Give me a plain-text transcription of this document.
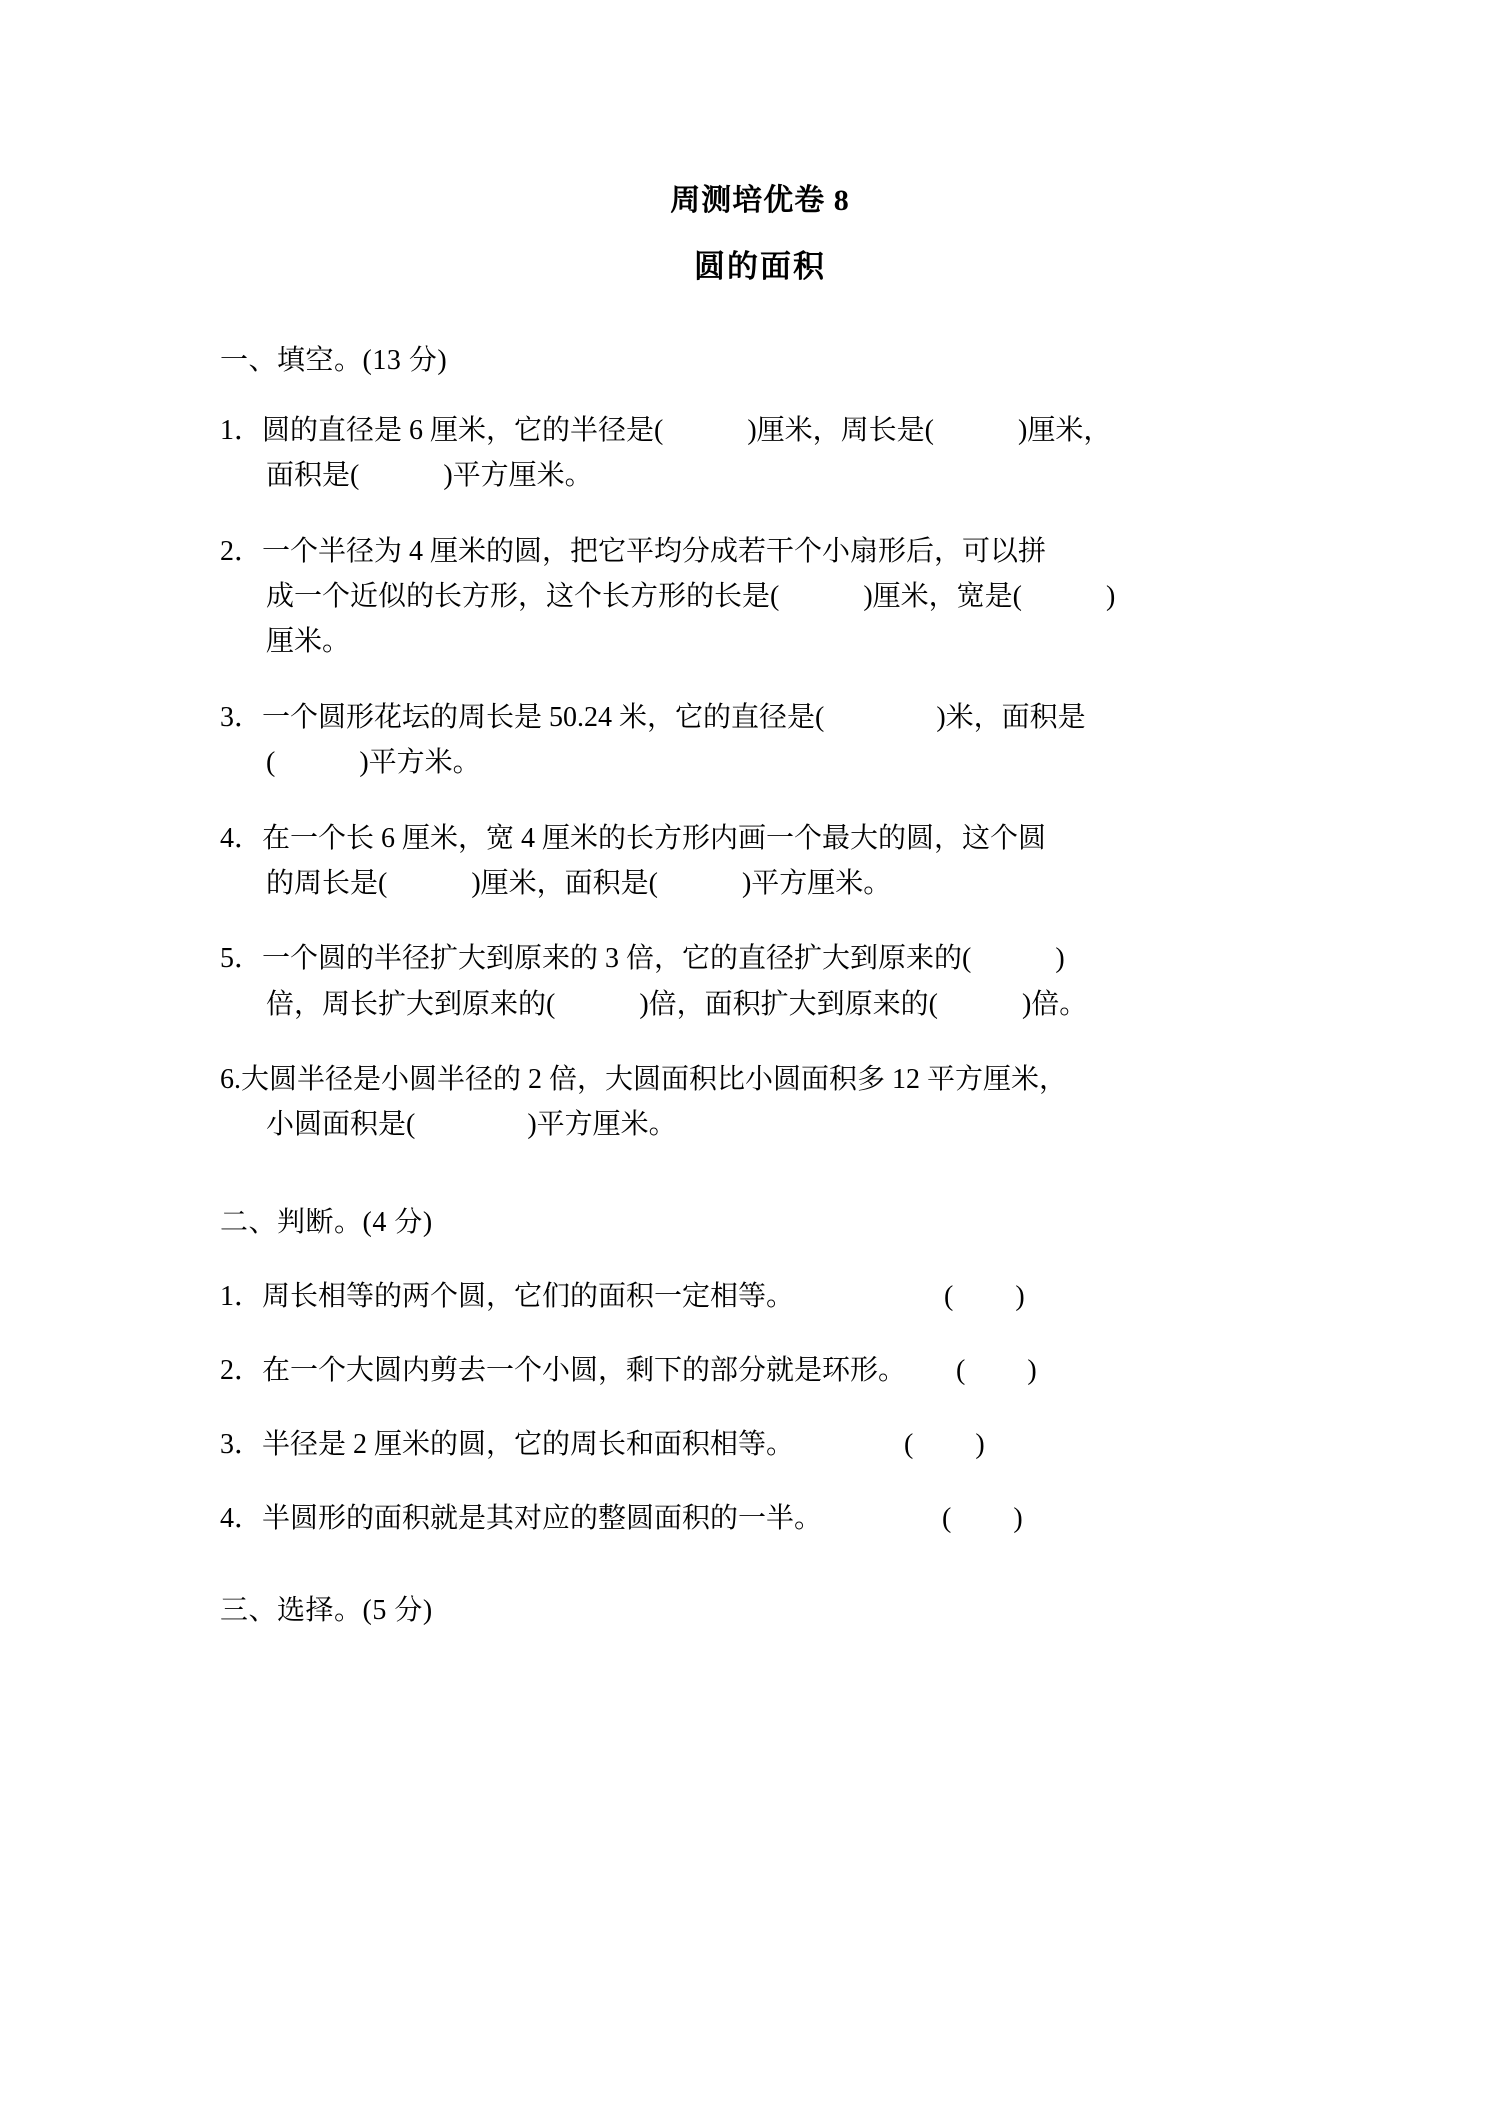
周测培优卷 8
圆的面积
一、填空。(13 分)
1．圆的直径是 6 厘米，它的半径是(　　　)厘米，周长是(　　　)厘米，
面积是(　　　)平方厘米。
2．一个半径为 4 厘米的圆，把它平均分成若干个小扇形后，可以拼
成一个近似的长方形，这个长方形的长是(　　　)厘米，宽是(　　　)
厘米。
3．一个圆形花坛的周长是 50.24 米，它的直径是(　　　　)米，面积是
(　　　)平方米。
4．在一个长 6 厘米，宽 4 厘米的长方形内画一个最大的圆，这个圆
的周长是(　　　)厘米，面积是(　　　)平方厘米。
5．一个圆的半径扩大到原来的 3 倍，它的直径扩大到原来的(　　　)
倍，周长扩大到原来的(　　　)倍，面积扩大到原来的(　　　)倍。
6.大圆半径是小圆半径的 2 倍，大圆面积比小圆面积多 12 平方厘米，
小圆面积是(　　　　)平方厘米。
二、判断。(4 分)
1． 周长相等的两个圆，它们的面积一定相等。	(　　)
2． 在一个大圆内剪去一个小圆，剩下的部分就是环形。 (　　)
3． 半径是 2 厘米的圆，它的周长和面积相等。	(　　)
4． 半圆形的面积就是其对应的整圆面积的一半。	(　　)
三、选择。(5 分)
